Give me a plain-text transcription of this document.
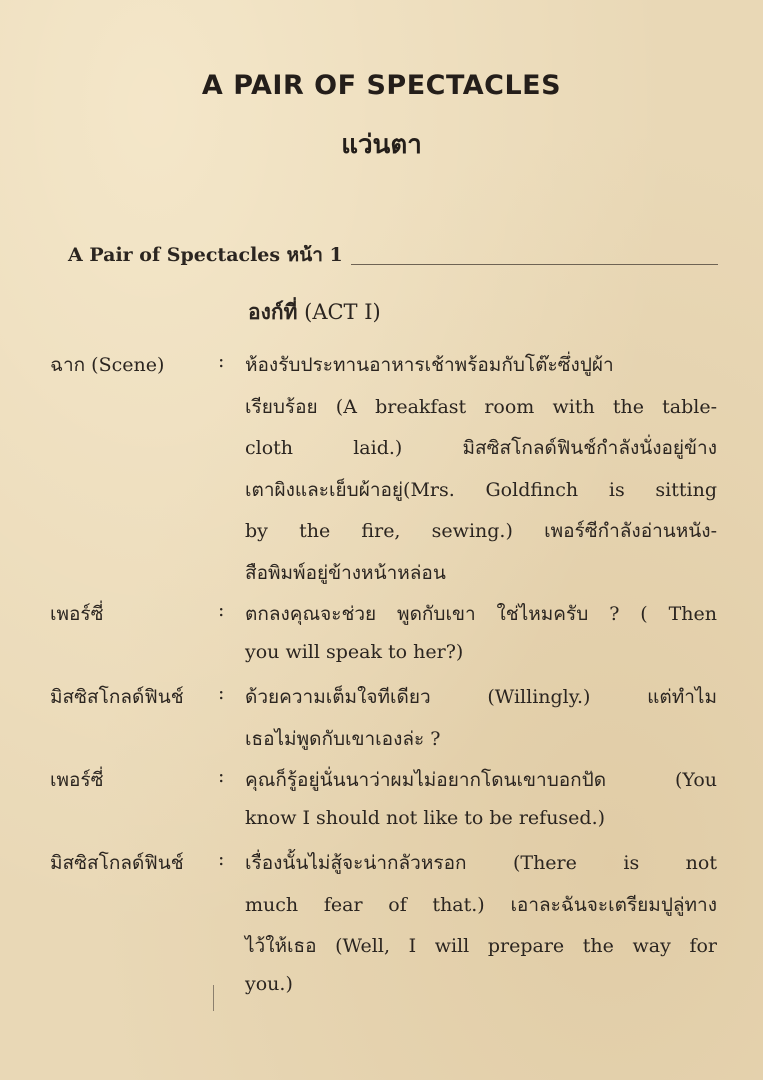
A PAIR OF SPECTACLES
แว่นตา
A Pair of Spectacles หน้า 1
องก์ที่ (ACT I)
ฉาก (Scene)	: ห้องรับประทานอาหารเช้าพร้อมกับโต๊ะซึ่งปูผ้า
เรียบร้อย (A breakfast room with the table-
cloth laid.) มิสซิสโกลด์ฟินช์กำลังนั่งอยู่ข้าง
เตาผิงและเย็บผ้าอยู่(Mrs. Goldfinch is sitting
by the fire, sewing.) เพอร์ซีกำลังอ่านหนัง-
สือพิมพ์อยู่ข้างหน้าหล่อน
เพอร์ซี่	: ตกลงคุณจะช่วย พูดกับเขา ใช่ไหมครับ ? ( Then
you will speak to her?)
มิสซิสโกลด์ฟินช์	: ด้วยความเต็มใจทีเดียว (Willingly.) แต่ทำไม
เธอไม่พูดกับเขาเองล่ะ ?
เพอร์ซี่	: คุณก็รู้อยู่นั่นนาว่าผมไม่อยากโดนเขาบอกปัด (You
know I should not like to be refused.)
มิสซิสโกลด์ฟินช์	: เรื่องนั้นไม่สู้จะน่ากลัวหรอก (There is not
much fear of that.) เอาละฉันจะเตรียมปูลู่ทาง
ไว้ให้เธอ (Well, I will prepare the way for
you.)
